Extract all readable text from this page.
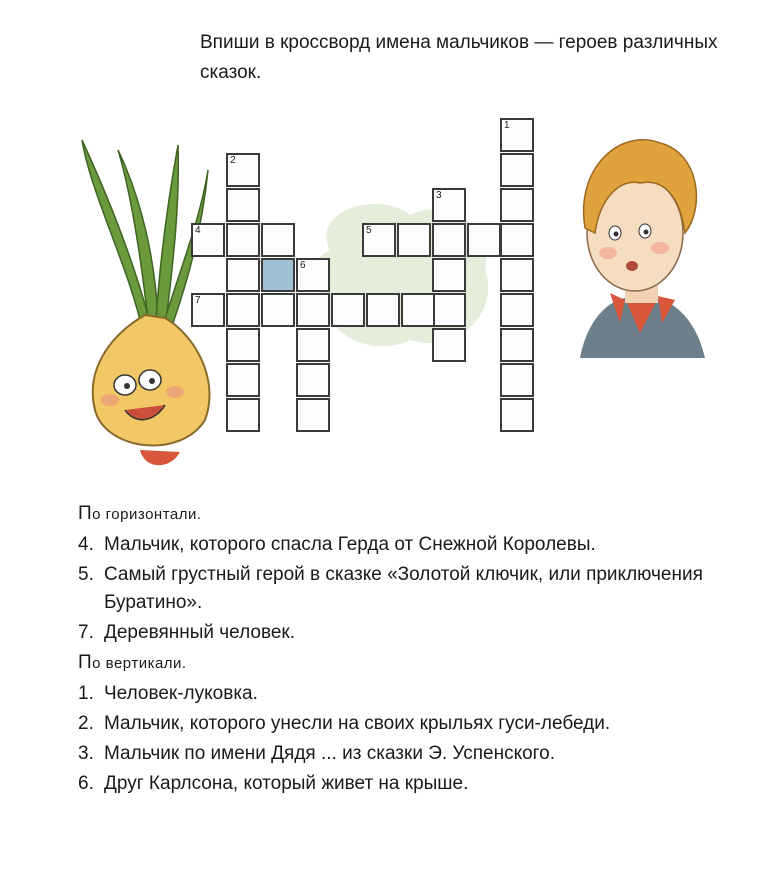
Впиши в кроссворд имена мальчиков — героев различных сказок.

1
2
3
4	5
6
7

По горизонтали.

4. Мальчик, которого спасла Герда от Снежной Королевы.
5. Самый грустный герой в сказке «Золотой ключик, или приключения Буратино».
7. Деревянный человек.

По вертикали.

1. Человек-луковка.
2. Мальчик, которого унесли на своих крыльях гуси-лебеди.
3. Мальчик по имени Дядя ... из сказки Э. Успенского.
6. Друг Карлсона, который живет на крыше.
